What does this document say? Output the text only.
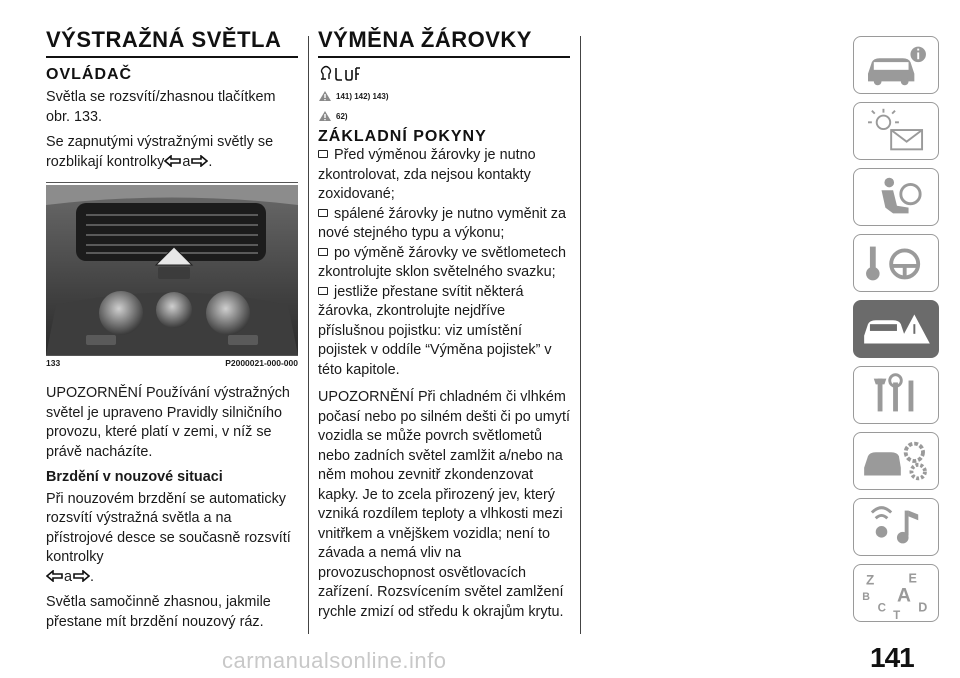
VÝSTRAŽNÁ SVĚTLA
OVLÁDAČ

Světla se rozsvítí/zhasnou tlačítkem obr. 133.

Se zapnutými výstražnými světly se rozblikají kontrolky a .

133	P2000021-000-000

UPOZORNĚNÍ Používání výstražných světel je upraveno Pravidly silničního provozu, které platí v zemi, v níž se právě nacházíte.

Brzdění v nouzové situaci

Při nouzovém brzdění se automaticky rozsvítí výstražná světla a na přístrojové desce se současně rozsvítí kontrolky
a .

Světla samočinně zhasnou, jakmile přestane mít brzdění nouzový ráz.

VÝMĚNA ŽÁROVKY
141) 142) 143)
62)
ZÁKLADNÍ POKYNY

Před výměnou žárovky je nutno zkontrolovat, zda nejsou kontakty zoxidované;

spálené žárovky je nutno vyměnit za nové stejného typu a výkonu;

po výměně žárovky ve světlometech zkontrolujte sklon světelného svazku;

jestliže přestane svítit některá žárovka, zkontrolujte nejdříve příslušnou pojistku: viz umístění pojistek v oddíle “Výměna pojistek” v této kapitole.

UPOZORNĚNÍ Při chladném či vlhkém počasí nebo po silném dešti či po umytí vozidla se může povrch světlometů nebo zadních světel zamlžit a/nebo na něm mohou zevnitř zkondenzovat kapky. Je to zcela přirozený jev, který vzniká rozdílem teploty a vlhkosti mezi vnitřkem a vnějškem vozidla; není to závada a nemá vliv na provozuschopnost osvětlovacích zařízení. Rozsvícením světel zamlžení rychle zmizí od středu k okrajům krytu.

Z	E
B A
C D
T
141
carmanualsonline.info
